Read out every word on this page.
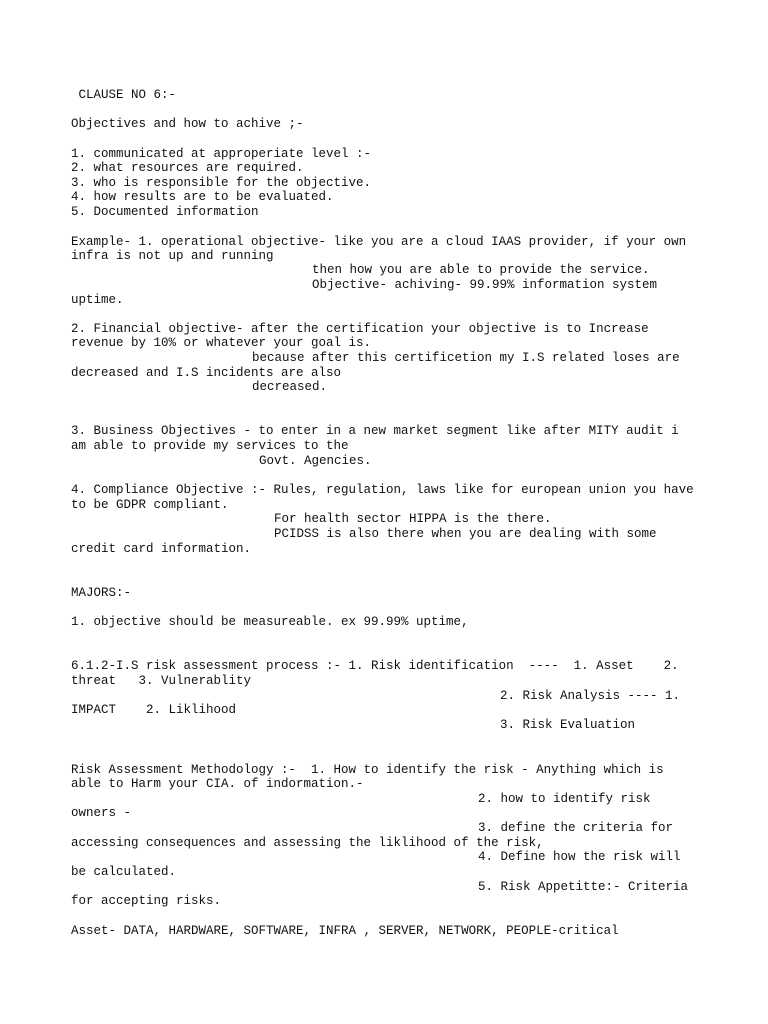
CLAUSE NO 6:-

Objectives and how to achive ;-

1. communicated at approperiate level :-

2. what resources are required.

3. who is responsible for the objective.

4. how results are to be evaluated.

5. Documented information

Example- 1. operational objective- like you are a cloud IAAS provider, if your own

infra is not up and running

then how you are able to provide the service.

Objective- achiving- 99.99% information system

uptime.

2. Financial objective- after the certification your objective is to Increase

revenue by 10% or whatever your goal is.

because after this certificetion my I.S related loses are

decreased and I.S incidents are also

decreased.

3. Business Objectives - to enter in a new market segment like after MITY audit i

am able to provide my services to the

Govt. Agencies.

4. Compliance Objective :- Rules, regulation, laws like for european union you have

to be GDPR compliant.

For health sector HIPPA is the there.

PCIDSS is also there when you are dealing with some

credit card information.

MAJORS:-

1. objective should be measureable. ex 99.99% uptime,

6.1.2-I.S risk assessment process :- 1. Risk identification  ----  1. Asset    2.

threat   3. Vulnerablity

2. Risk Analysis ---- 1.

IMPACT    2. Liklihood

3. Risk Evaluation

Risk Assessment Methodology :-  1. How to identify the risk - Anything which is

able to Harm your CIA. of indormation.-

2. how to identify risk

owners -

3. define the criteria for

accessing consequences and assessing the liklihood of the risk,

4. Define how the risk will

be calculated.

5. Risk Appetitte:- Criteria

for accepting risks.

Asset- DATA, HARDWARE, SOFTWARE, INFRA , SERVER, NETWORK, PEOPLE-critical
